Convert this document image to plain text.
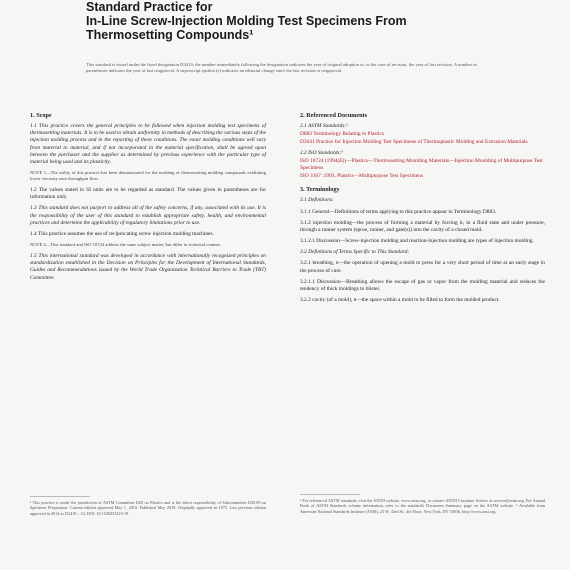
Standard Practice for
In-Line Screw-Injection Molding Test Specimens From
Thermosetting Compounds¹
This standard is issued under the fixed designation D3419; the number immediately following the designation indicates the year of original adoption or, in the case of revision, the year of last revision. A number in parentheses indicates the year of last reapproval. A superscript epsilon (ε) indicates an editorial change since the last revision or reapproval.
1. Scope
1.1 This practice covers the general principles to be followed when injection molding test specimens of thermosetting materials. It is to be used to obtain uniformity in methods of describing the various steps of the injection molding process and in the reporting of these conditions. The exact molding conditions will vary from material to material, and if not incorporated in the material specification, shall be agreed upon between the purchaser and the supplier as determined by previous experience with the particular type of material being used and its plasticity.
NOTE 1—The utility of this practice has been demonstrated for the molding of thermosetting molding compounds exhibiting lower viscosity ease throughput flow.
1.2 The values stated in SI units are to be regarded as standard. The values given in parentheses are for information only.
1.3 This standard does not purport to address all of the safety concerns, if any, associated with its use. It is the responsibility of the user of this standard to establish appropriate safety, health, and environmental practices and determine the applicability of regulatory limitations prior to use.
1.4 This practice assumes the use of reciprocating screw injection molding machines.
NOTE 2—This standard and ISO 10724 address the same subject matter, but differ in technical content.
1.5 This international standard was developed in accordance with internationally recognized principles on standardization established in the Decision on Principles for the Development of International Standards, Guides and Recommendations issued by the World Trade Organization Technical Barriers to Trade (TBT) Committee.
2. Referenced Documents
2.1 ASTM Standards:²
D883 Terminology Relating to Plastics
D3641 Practice for Injection Molding Test Specimens of Thermoplastic Molding and Extrusion Materials
2.2 ISO Standards:³
ISO 10724 (1994(E))—Plastics—Thermosetting Moulding Materials—Injection Moulding of Multipurpose Test Specimens
ISO 3167 :1993, Plastics—Multipurpose Test Specimens
3. Terminology
3.1 Definitions:
3.1.1 General—Definitions of terms applying to this practice appear in Terminology D883.
3.1.2 injection molding—the process of forming a material by forcing it, in a fluid state and under pressure, through a runner system (sprue, runner, and gate(s)) into the cavity of a closed mold.
3.1.2.1 Discussion—Screw-injection molding and reaction-injection molding are types of injection molding.
3.2 Definitions of Terms Specific to This Standard:
3.2.1 breathing, n—the operation of opening a mold to press for a very short period of time at an early stage in the process of cure.
3.2.1.1 Discussion—Breathing allows the escape of gas or vapor from the molding material and reduces the tendency of thick moldings to blister.
3.2.2 cavity (of a mold), n—the space within a mold to be filled to form the molded product.
¹ This practice is under the jurisdiction of ASTM Committee D20 on Plastics and is the direct responsibility of Subcommittee D20.09 on Specimen Preparation. Current edition approved May 1, 2019. Published May 2019. Originally approved in 1975. Last previous edition approved in 2014 as D3419 – 14. DOI: 10.1520/D3419-19.
² For referenced ASTM standards, visit the ASTM website, www.astm.org, or contact ASTM Customer Service at service@astm.org. For Annual Book of ASTM Standards volume information, refer to the standard's Document Summary page on the ASTM website. ³ Available from American National Standards Institute (ANSI), 25 W. 43rd St., 4th Floor, New York, NY 10036, http://www.ansi.org.
